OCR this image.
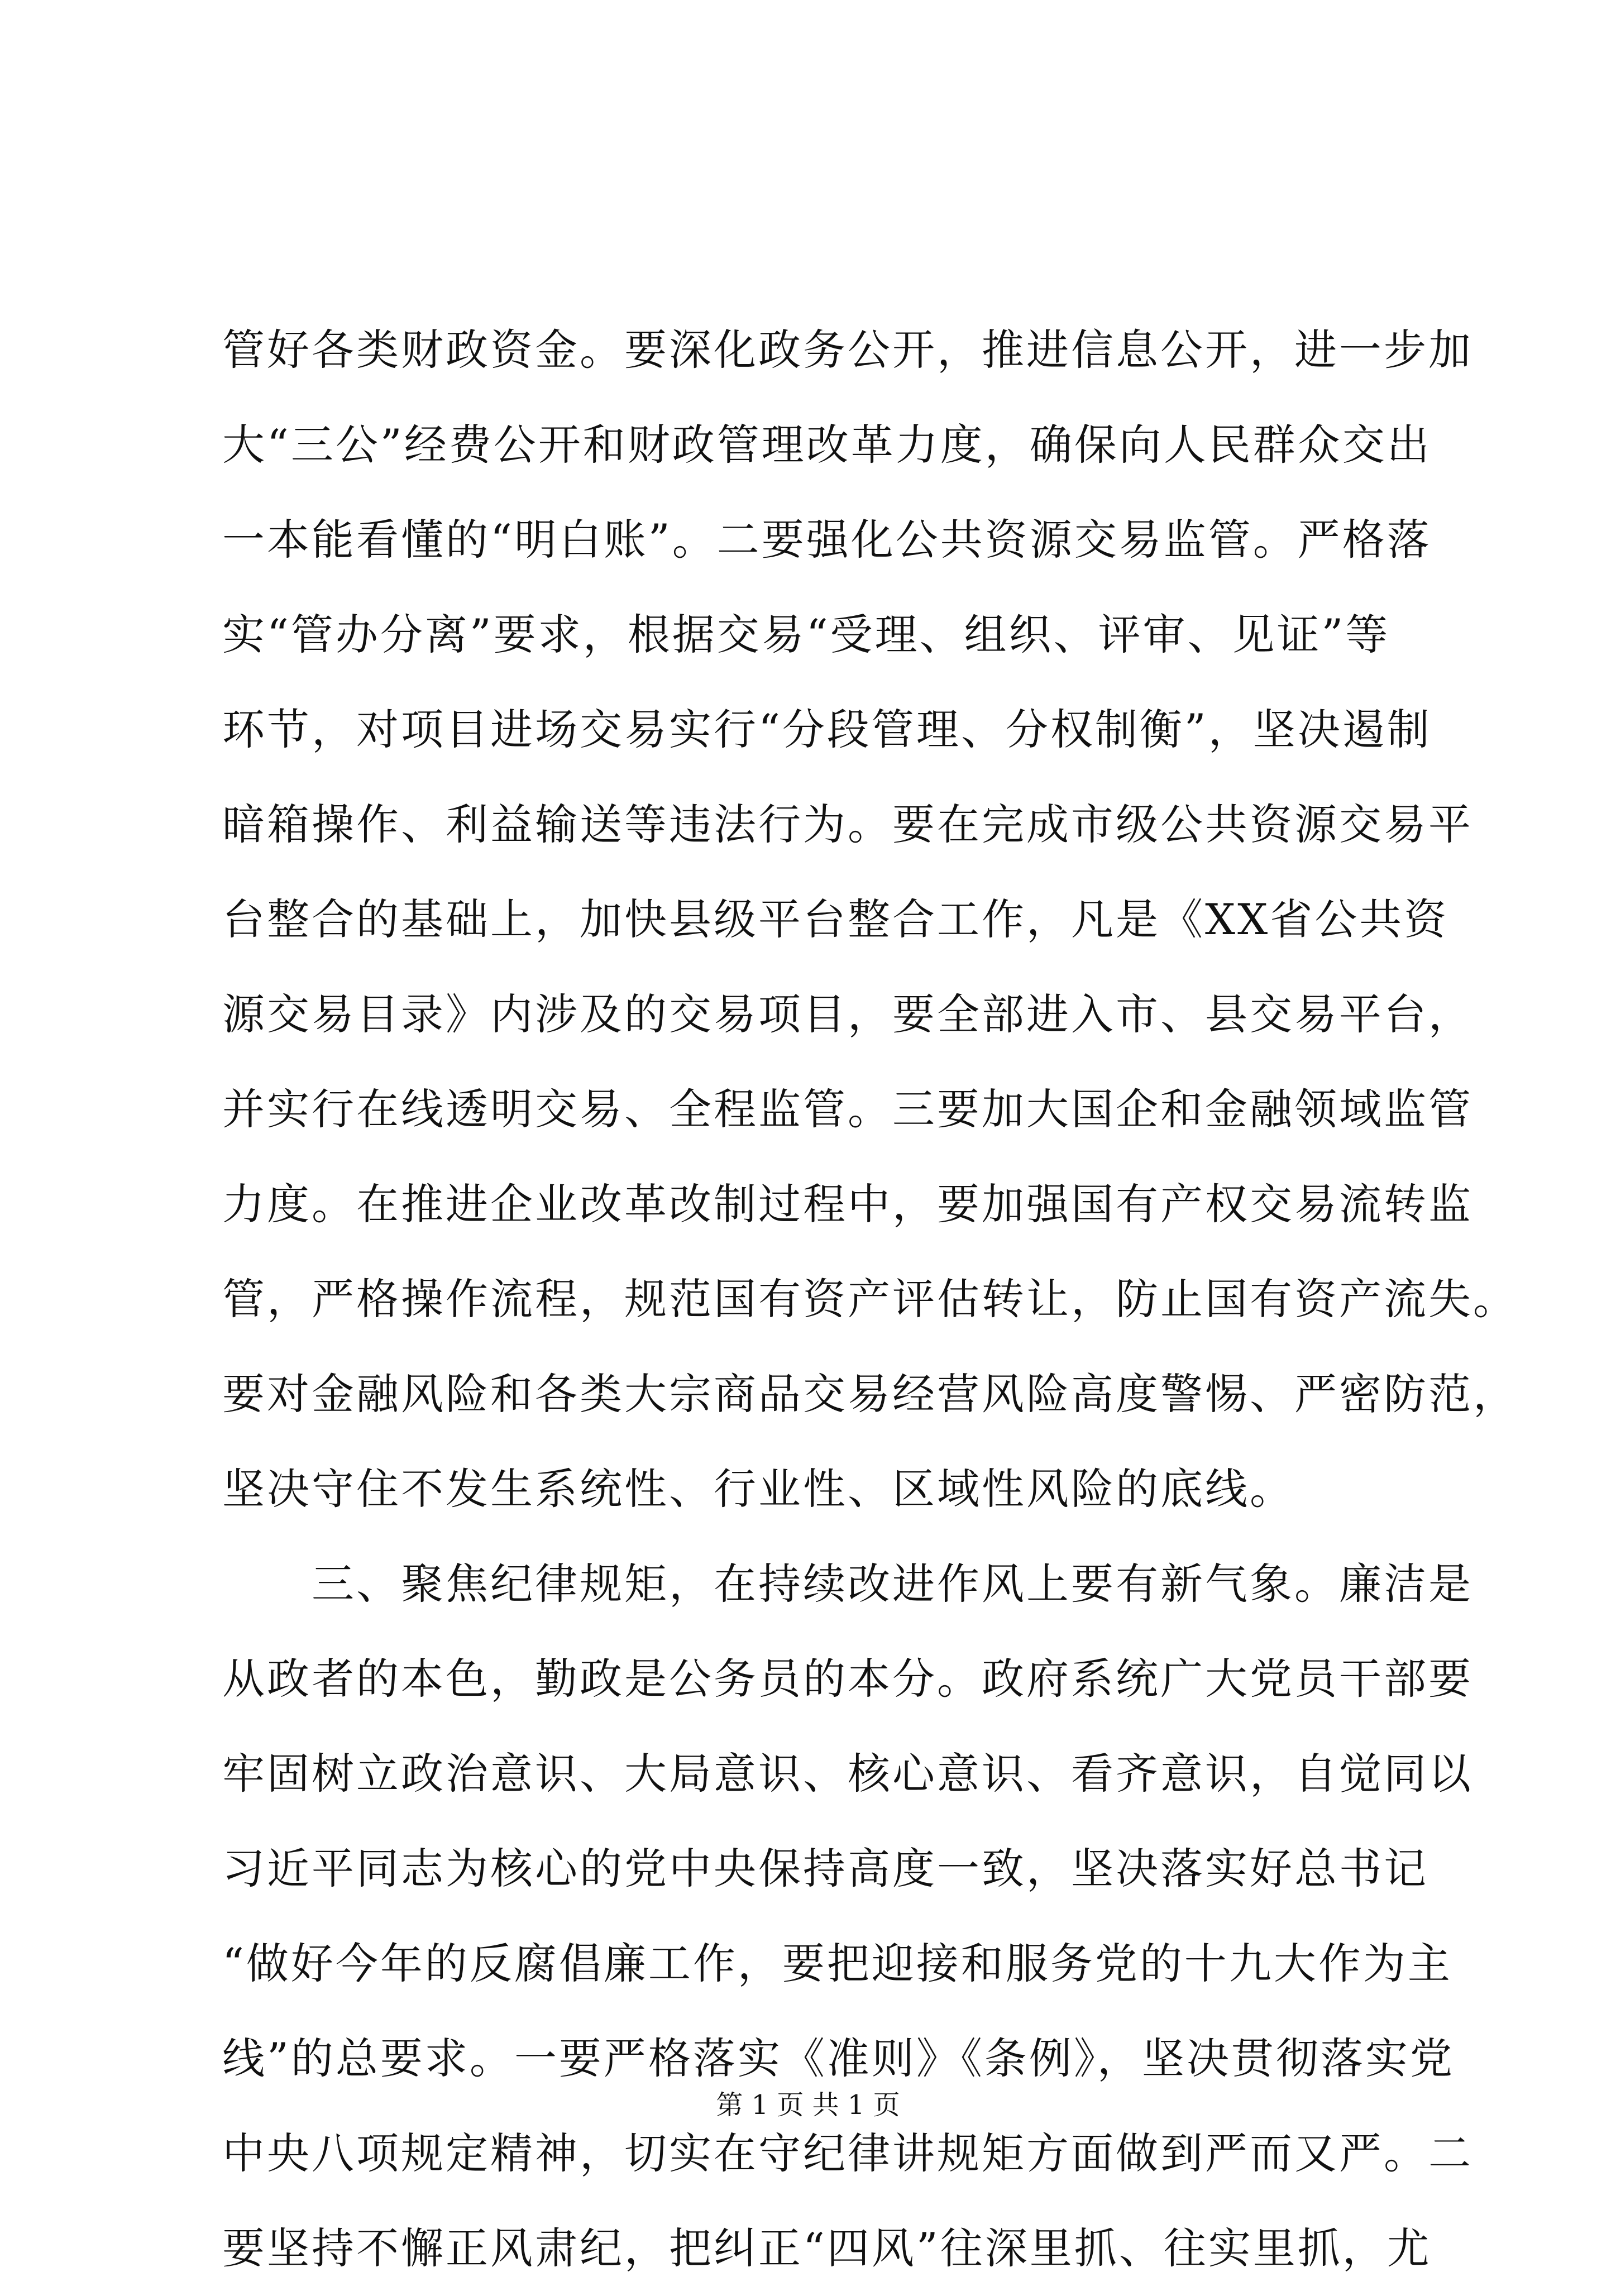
管好各类财政资金。要深化政务公开，推进信息公开，进一步加
大“三公”经费公开和财政管理改革力度，确保向人民群众交出
一本能看懂的“明白账”。二要强化公共资源交易监管。严格落
实“管办分离”要求，根据交易“受理、组织、评审、见证”等
环节，对项目进场交易实行“分段管理、分权制衡”，坚决遏制
暗箱操作、利益输送等违法行为。要在完成市级公共资源交易平
台整合的基础上，加快县级平台整合工作，凡是《XX省公共资
源交易目录》内涉及的交易项目，要全部进入市、县交易平台，
并实行在线透明交易、全程监管。三要加大国企和金融领域监管
力度。在推进企业改革改制过程中，要加强国有产权交易流转监
管，严格操作流程，规范国有资产评估转让，防止国有资产流失。
要对金融风险和各类大宗商品交易经营风险高度警惕、严密防范，
坚决守住不发生系统性、行业性、区域性风险的底线。
　　三、聚焦纪律规矩，在持续改进作风上要有新气象。廉洁是
从政者的本色，勤政是公务员的本分。政府系统广大党员干部要
牢固树立政治意识、大局意识、核心意识、看齐意识，自觉同以
习近平同志为核心的党中央保持高度一致，坚决落实好总书记
“做好今年的反腐倡廉工作，要把迎接和服务党的十九大作为主
线”的总要求。一要严格落实《准则》《条例》，坚决贯彻落实党
中央八项规定精神，切实在守纪律讲规矩方面做到严而又严。二
要坚持不懈正风肃纪，把纠正“四风”往深里抓、往实里抓，尤
第 1 页 共 1 页
